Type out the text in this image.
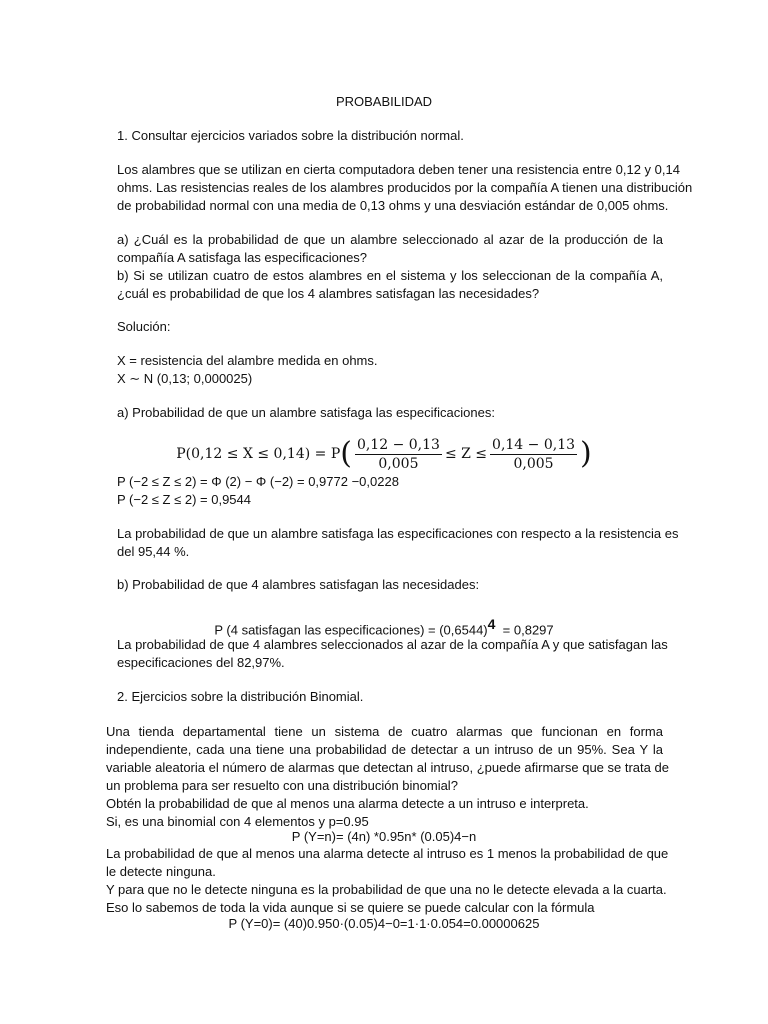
PROBABILIDAD
1. Consultar ejercicios variados sobre la distribución normal.
Los alambres que se utilizan en cierta computadora deben tener una resistencia entre 0,12 y 0,14
ohms. Las resistencias reales de los alambres producidos por la compañía A tienen una distribución
de probabilidad normal con una media de 0,13 ohms y una desviación estándar de 0,005 ohms.
a) ¿Cuál es la probabilidad de que un alambre seleccionado al azar de la producción de la
compañía A satisfaga las especificaciones?
b) Si se utilizan cuatro de estos alambres en el sistema y los seleccionan de la compañía A,
¿cuál es probabilidad de que los 4 alambres satisfagan las necesidades?
Solución:
X = resistencia del alambre medida en ohms.
X ∼ N (0,13; 0,000025)
a) Probabilidad de que un alambre satisfaga las especificaciones:
$P(0,12 \le X \le 0,14) = P( \frac{0,12 - 0,13}{0,005} \le Z \le \frac{0,14 - 0,13}{0,005}$ )
P (−2 ≤ Z ≤ 2) = Φ (2) − Φ (−2) = 0,9772 −0,0228
P (−2 ≤ Z ≤ 2) = 0,9544
La probabilidad de que un alambre satisfaga las especificaciones con respecto a la resistencia es
del 95,44 %.
b) Probabilidad de que 4 alambres satisfagan las necesidades:
P (4 satisfagan las especificaciones) = $(0,6544)^4 = 0,8297$
La probabilidad de que 4 alambres seleccionados al azar de la compañía A y que satisfagan las
especificaciones del 82,97%.
2. Ejercicios sobre la distribución Binomial.
Una tienda departamental tiene un sistema de cuatro alarmas que funcionan en forma
independiente, cada una tiene una probabilidad de detectar a un intruso de un 95%. Sea Y la
variable aleatoria el número de alarmas que detectan al intruso, ¿puede afirmarse que se trata de
un problema para ser resuelto con una distribución binomial?
Obtén la probabilidad de que al menos una alarma detecte a un intruso e interpreta.
Si, es una binomial con 4 elementos y p=0.95
P (Y=n)= (4n) *0.95n* (0.05)4−n
La probabilidad de que al menos una alarma detecte al intruso es 1 menos la probabilidad de que
le detecte ninguna.
Y para que no le detecte ninguna es la probabilidad de que una no le detecte elevada a la cuarta.
Eso lo sabemos de toda la vida aunque si se quiere se puede calcular con la fórmula
P (Y=0)= (40)0.950·(0.05)4−0=1·1·0.054=0.00000625
